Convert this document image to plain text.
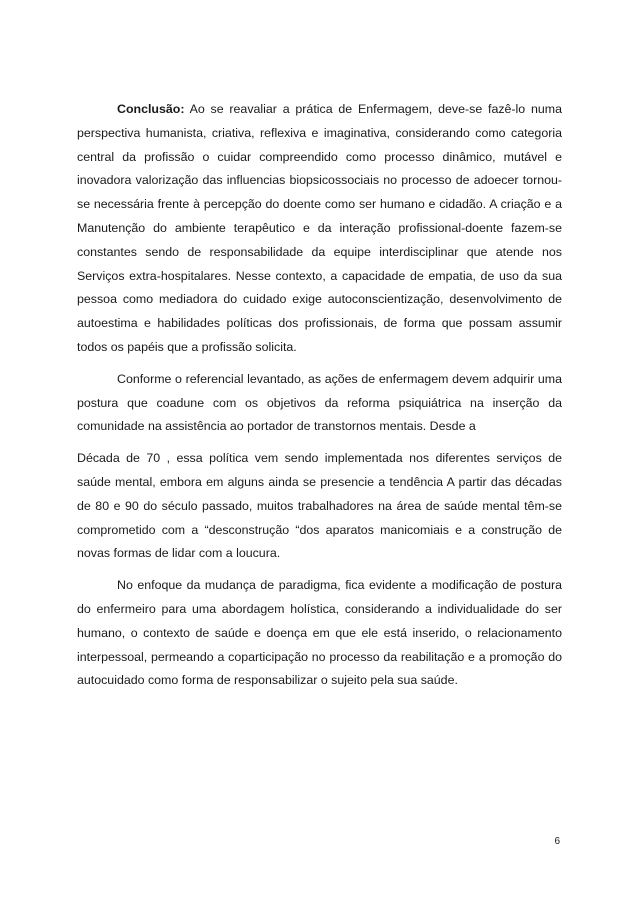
Conclusão: Ao se reavaliar a prática de Enfermagem, deve-se fazê-lo numa perspectiva humanista, criativa, reflexiva e imaginativa, considerando como categoria central da profissão o cuidar compreendido como processo dinâmico, mutável e inovadora valorização das influencias biopsicossociais no processo de adoecer tornou-se necessária frente à percepção do doente como ser humano e cidadão. A criação e a Manutenção do ambiente terapêutico e da interação profissional-doente fazem-se constantes sendo de responsabilidade da equipe interdisciplinar que atende nos Serviços extra-hospitalares. Nesse contexto, a capacidade de empatia, de uso da sua pessoa como mediadora do cuidado exige autoconscientização, desenvolvimento de autoestima e habilidades políticas dos profissionais, de forma que possam assumir todos os papéis que a profissão solicita.

Conforme o referencial levantado, as ações de enfermagem devem adquirir uma postura que coadune com os objetivos da reforma psiquiátrica na inserção da comunidade na assistência ao portador de transtornos mentais. Desde a

Década de 70 , essa política vem sendo implementada nos diferentes serviços de saúde mental, embora em alguns ainda se presencie a tendência A partir das décadas de 80 e 90 do século passado, muitos trabalhadores na área de saúde mental têm-se comprometido com a “desconstrução “dos aparatos manicomiais e a construção de novas formas de lidar com a loucura.

No enfoque da mudança de paradigma, fica evidente a modificação de postura do enfermeiro para uma abordagem holística, considerando a individualidade do ser humano, o contexto de saúde e doença em que ele está inserido, o relacionamento interpessoal, permeando a coparticipação no processo da reabilitação e a promoção do autocuidado como forma de responsabilizar o sujeito pela sua saúde.

6
